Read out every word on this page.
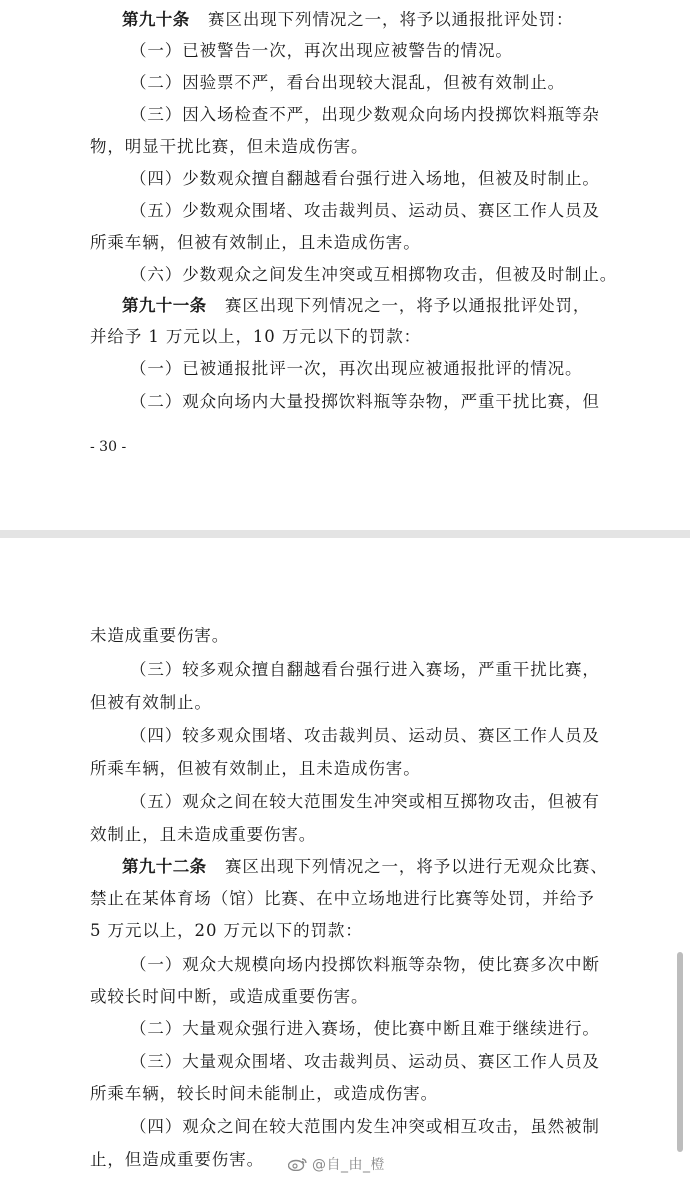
第九十条 赛区出现下列情况之一，将予以通报批评处罚：
（一）已被警告一次，再次出现应被警告的情况。
（二）因验票不严，看台出现较大混乱，但被有效制止。
（三）因入场检查不严，出现少数观众向场内投掷饮料瓶等杂
物，明显干扰比赛，但未造成伤害。
（四）少数观众擅自翻越看台强行进入场地，但被及时制止。
（五）少数观众围堵、攻击裁判员、运动员、赛区工作人员及
所乘车辆，但被有效制止，且未造成伤害。
（六）少数观众之间发生冲突或互相掷物攻击，但被及时制止。
第九十一条 赛区出现下列情况之一，将予以通报批评处罚，
并给予 1 万元以上，10 万元以下的罚款：
（一）已被通报批评一次，再次出现应被通报批评的情况。
（二）观众向场内大量投掷饮料瓶等杂物，严重干扰比赛，但
- 30 -
未造成重要伤害。
（三）较多观众擅自翻越看台强行进入赛场，严重干扰比赛，
但被有效制止。
（四）较多观众围堵、攻击裁判员、运动员、赛区工作人员及
所乘车辆，但被有效制止，且未造成伤害。
（五）观众之间在较大范围发生冲突或相互掷物攻击，但被有
效制止，且未造成重要伤害。
第九十二条 赛区出现下列情况之一，将予以进行无观众比赛、
禁止在某体育场（馆）比赛、在中立场地进行比赛等处罚，并给予
5 万元以上，20 万元以下的罚款：
（一）观众大规模向场内投掷饮料瓶等杂物，使比赛多次中断
或较长时间中断，或造成重要伤害。
（二）大量观众强行进入赛场，使比赛中断且难于继续进行。
（三）大量观众围堵、攻击裁判员、运动员、赛区工作人员及
所乘车辆，较长时间未能制止，或造成伤害。
（四）观众之间在较大范围内发生冲突或相互攻击，虽然被制
止，但造成重要伤害。	@自_由_橙
